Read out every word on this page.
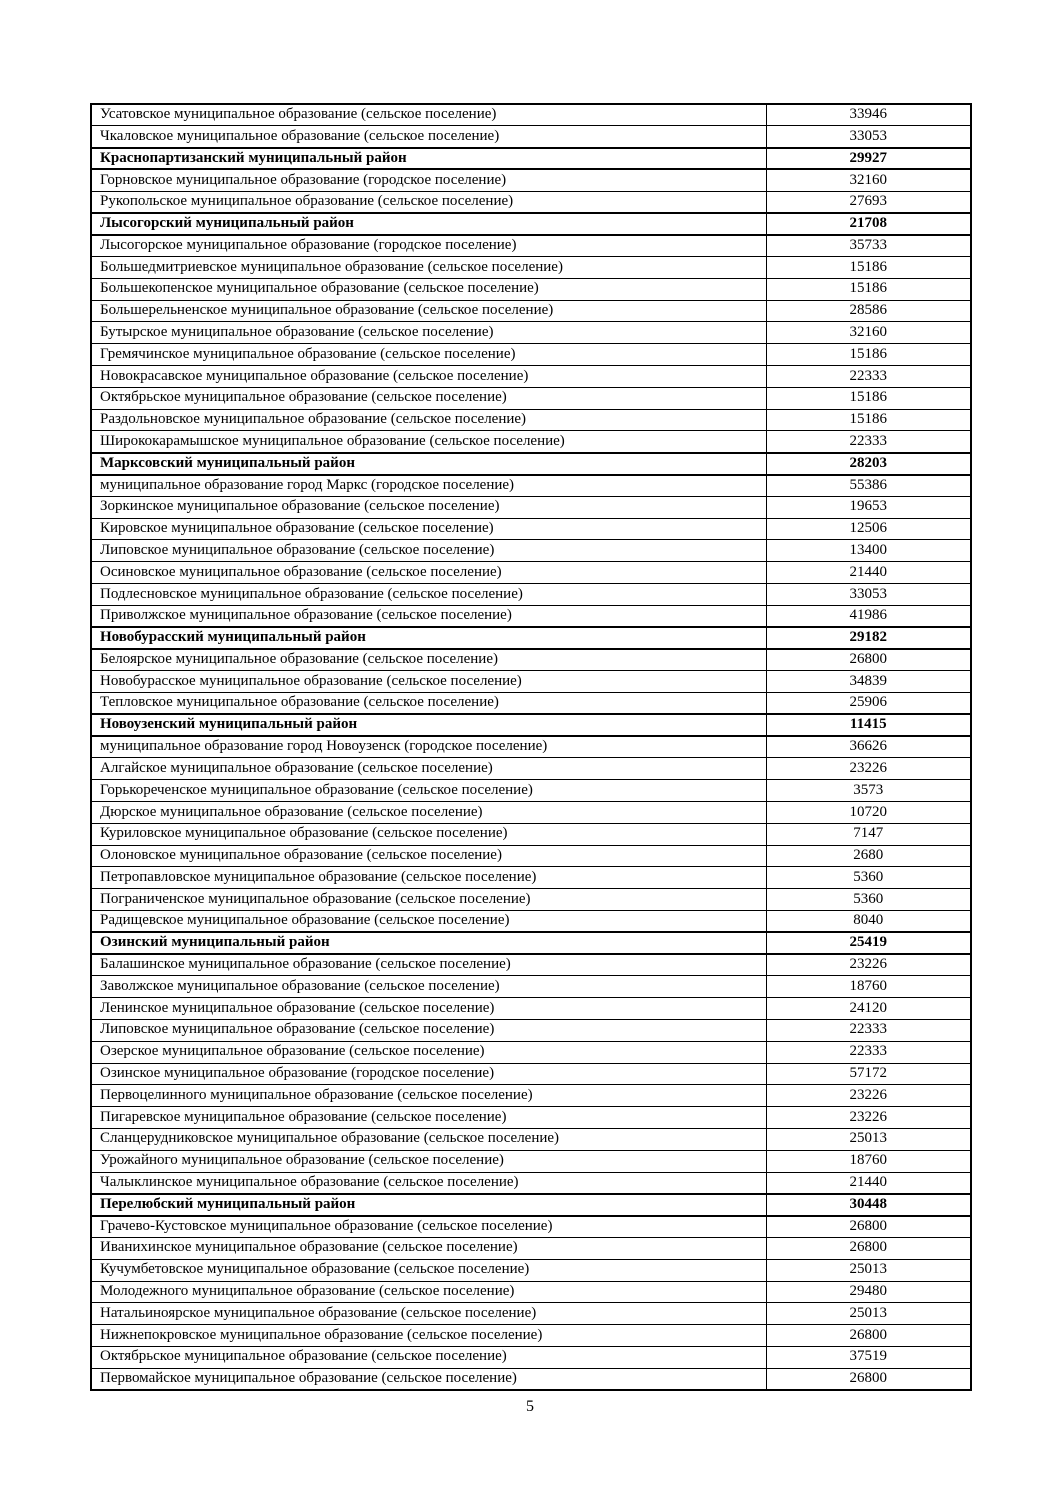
Усатовское муниципальное образование (сельское поселение)	33946
Чкаловское муниципальное образование (сельское поселение)	33053
Краснопартизанский муниципальный район	29927
Горновское муниципальное образование (городское поселение)	32160
Рукопольское муниципальное образование (сельское поселение)	27693
Лысогорский муниципальный район	21708
Лысогорское муниципальное образование (городское поселение)	35733
Большедмитриевское муниципальное образование (сельское поселение)	15186
Большекопенское муниципальное образование (сельское поселение)	15186
Большерельненское муниципальное образование (сельское поселение)	28586
Бутырское муниципальное образование (сельское поселение)	32160
Гремячинское муниципальное образование (сельское поселение)	15186
Новокрасавское муниципальное образование (сельское поселение)	22333
Октябрьское муниципальное образование (сельское поселение)	15186
Раздольновское муниципальное образование (сельское поселение)	15186
Ширококарамышское муниципальное образование (сельское поселение)	22333
Марксовский муниципальный район	28203
муниципальное образование город Маркс (городское поселение)	55386
Зоркинское муниципальное образование (сельское поселение)	19653
Кировское муниципальное образование (сельское поселение)	12506
Липовское муниципальное образование (сельское поселение)	13400
Осиновское муниципальное образование (сельское поселение)	21440
Подлесновское муниципальное образование (сельское поселение)	33053
Приволжское муниципальное образование (сельское поселение)	41986
Новобурасский муниципальный район	29182
Белоярское муниципальное образование (сельское поселение)	26800
Новобурасское муниципальное образование (сельское поселение)	34839
Тепловское муниципальное образование (сельское поселение)	25906
Новоузенский муниципальный район	11415
муниципальное образование город Новоузенск (городское поселение)	36626
Алгайское муниципальное образование (сельское поселение)	23226
Горькореченское муниципальное образование (сельское поселение)	3573
Дюрское муниципальное образование (сельское поселение)	10720
Куриловское муниципальное образование (сельское поселение)	7147
Олоновское муниципальное образование (сельское поселение)	2680
Петропавловское муниципальное образование (сельское поселение)	5360
Пограниченское муниципальное образование (сельское поселение)	5360
Радищевское муниципальное образование (сельское поселение)	8040
Озинский муниципальный район	25419
Балашинское муниципальное образование (сельское поселение)	23226
Заволжское муниципальное образование (сельское поселение)	18760
Ленинское муниципальное образование (сельское поселение)	24120
Липовское муниципальное образование (сельское поселение)	22333
Озерское муниципальное образование (сельское поселение)	22333
Озинское муниципальное образование (городское поселение)	57172
Первоцелинного муниципальное образование (сельское поселение)	23226
Пигаревское муниципальное образование (сельское поселение)	23226
Сланцерудниковское муниципальное образование (сельское поселение)	25013
Урожайного муниципальное образование (сельское поселение)	18760
Чалыклинское муниципальное образование (сельское поселение)	21440
Перелюбский муниципальный район	30448
Грачево-Кустовское муниципальное образование (сельское поселение)	26800
Иванихинское муниципальное образование (сельское поселение)	26800
Кучумбетовское муниципальное образование (сельское поселение)	25013
Молодежного муниципальное образование (сельское поселение)	29480
Натальиноярское муниципальное образование (сельское поселение)	25013
Нижнепокровское муниципальное образование (сельское поселение)	26800
Октябрьское муниципальное образование (сельское поселение)	37519
Первомайское муниципальное образование (сельское поселение)	26800
5
